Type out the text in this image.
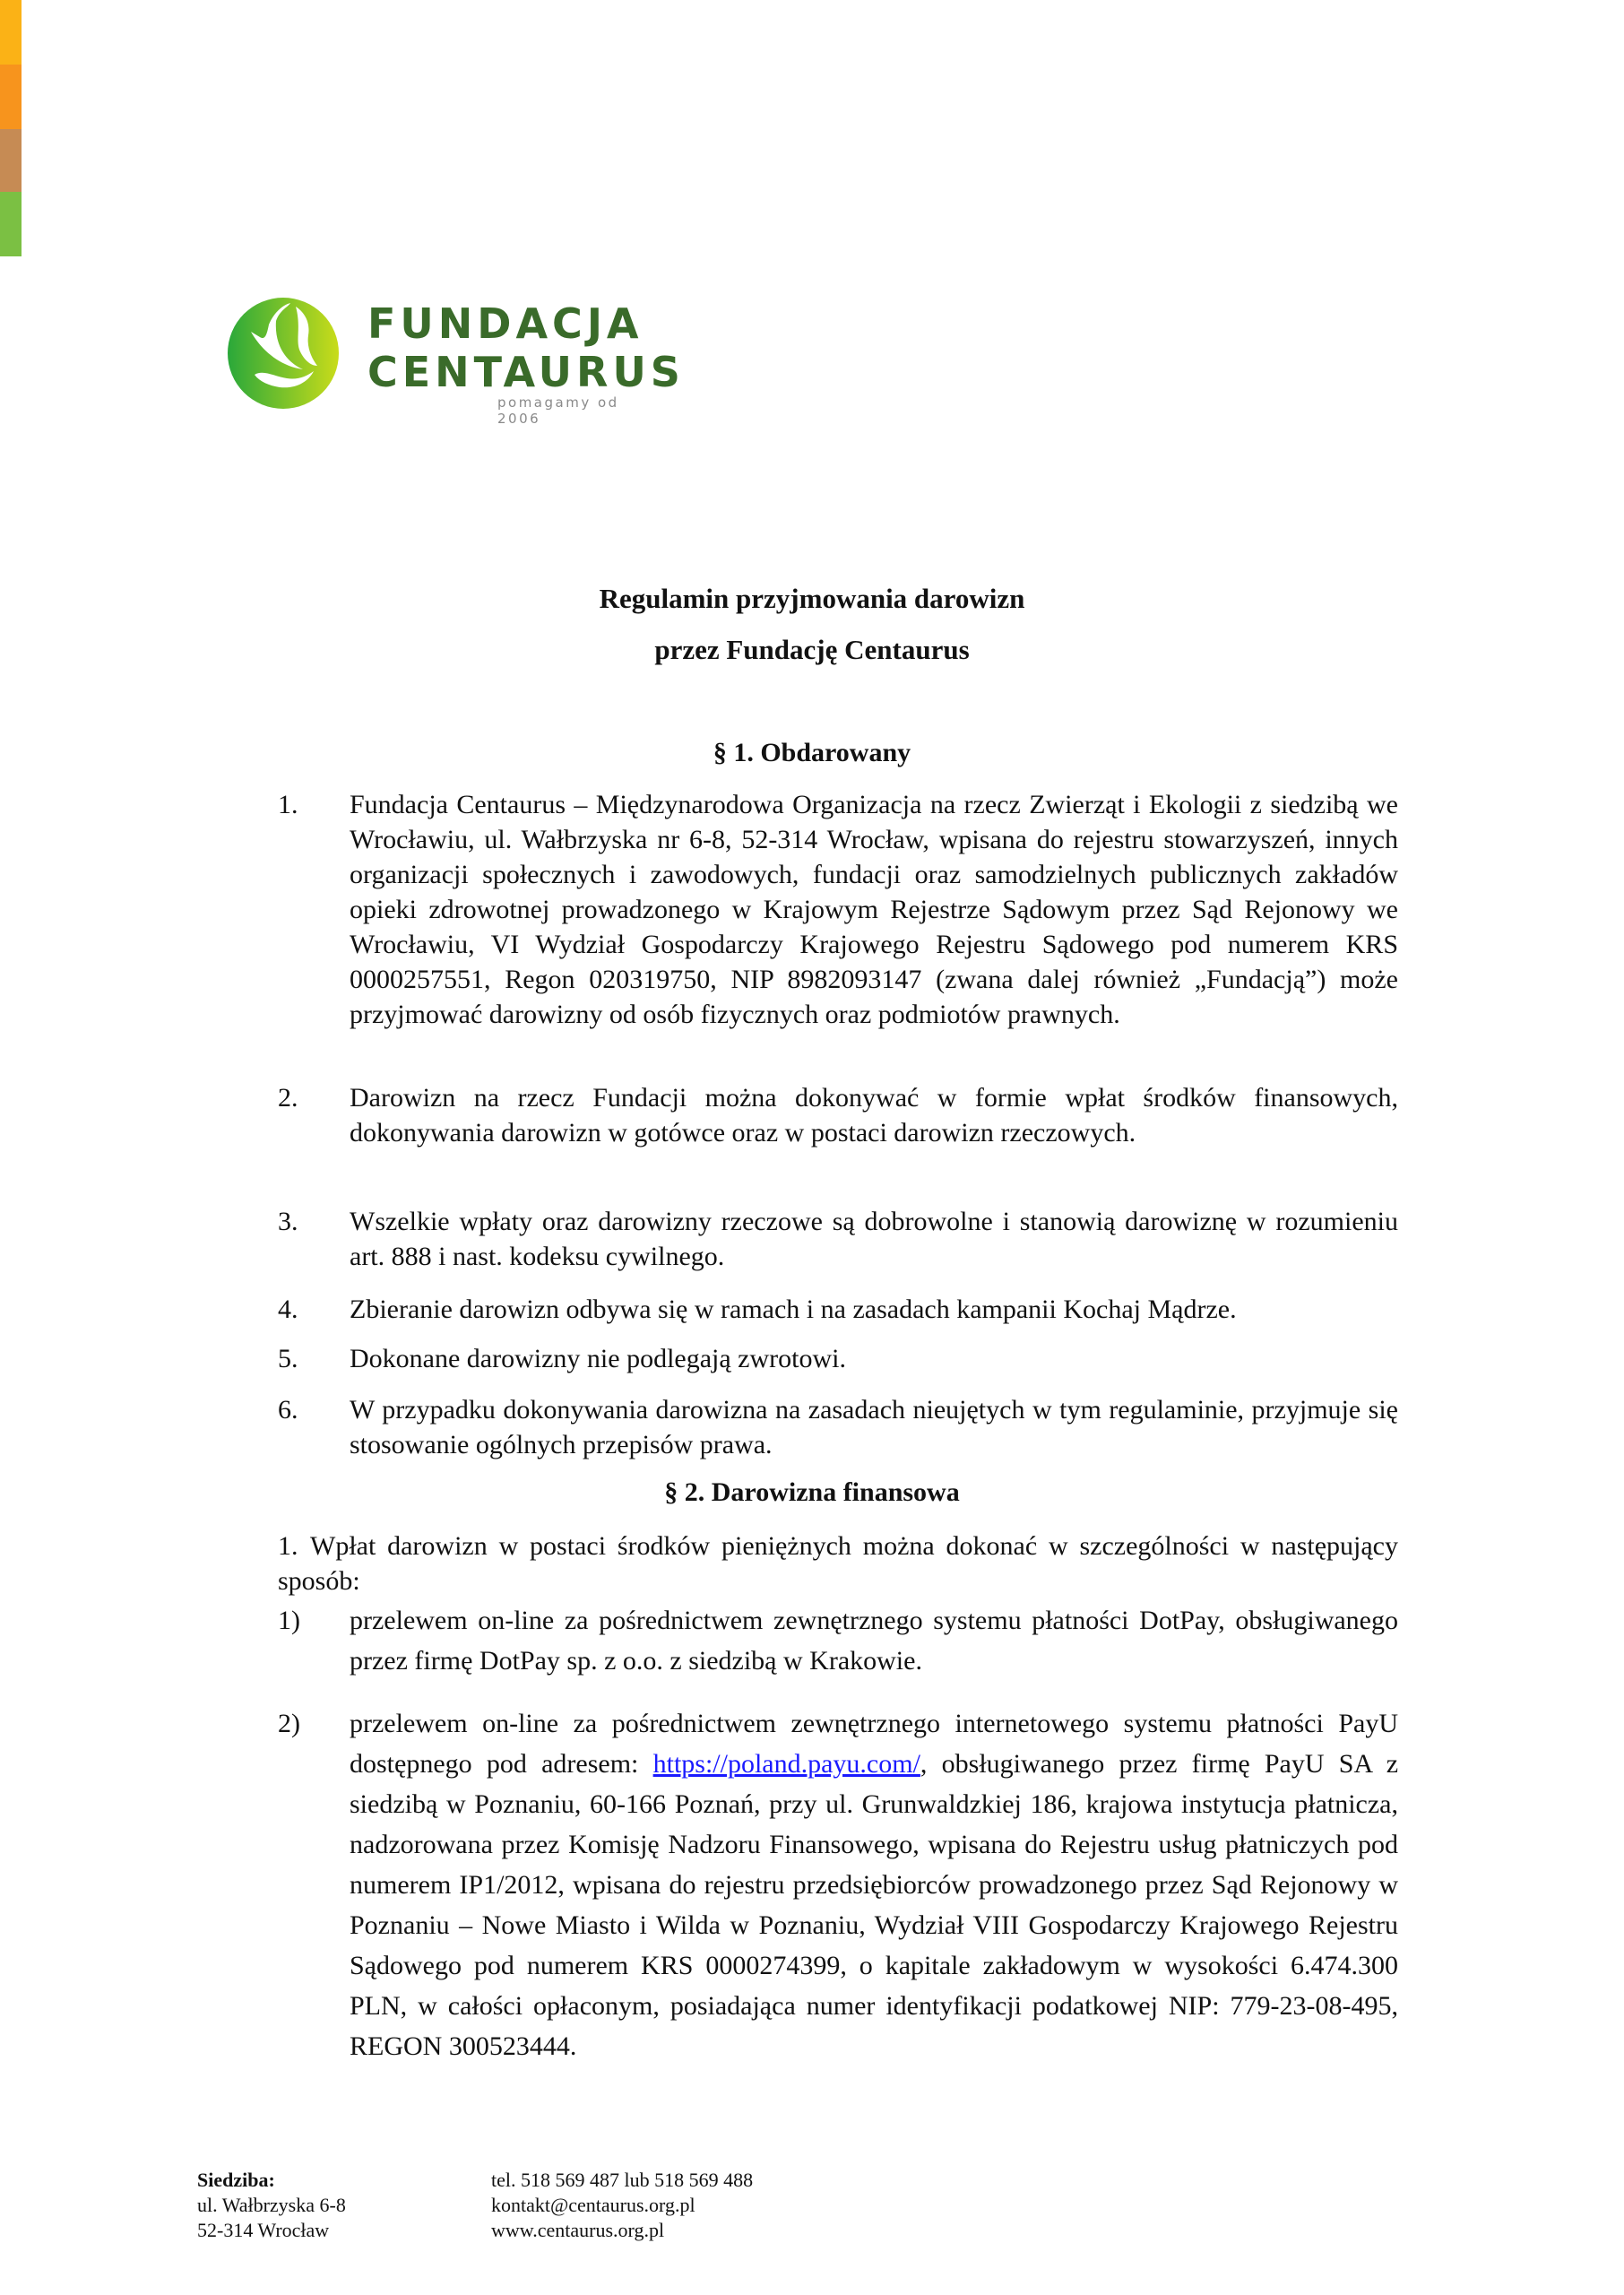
FUNDACJA
CENTAURUS
pomagamy od 2006
Regulamin przyjmowania darowizn
przez Fundację Centaurus
§ 1. Obdarowany
1. Fundacja Centaurus – Międzynarodowa Organizacja na rzecz Zwierząt i Ekologii z siedzibą we Wrocławiu, ul. Wałbrzyska nr 6-8, 52-314 Wrocław, wpisana do rejestru stowarzyszeń, innych organizacji społecznych i zawodowych, fundacji oraz samodzielnych publicznych zakładów opieki zdrowotnej prowadzonego w Krajowym Rejestrze Sądowym przez Sąd Rejonowy we Wrocławiu, VI Wydział Gospodarczy Krajowego Rejestru Sądowego pod numerem KRS 0000257551, Regon 020319750, NIP 8982093147 (zwana dalej również „Fundacją”) może przyjmować darowizny od osób fizycznych oraz podmiotów prawnych.
2. Darowizn na rzecz Fundacji można dokonywać w formie wpłat środków finansowych, dokonywania darowizn w gotówce oraz w postaci darowizn rzeczowych.
3. Wszelkie wpłaty oraz darowizny rzeczowe są dobrowolne i stanowią darowiznę w rozumieniu art. 888 i nast. kodeksu cywilnego.
4. Zbieranie darowizn odbywa się w ramach i na zasadach kampanii Kochaj Mądrze.
5. Dokonane darowizny nie podlegają zwrotowi.
6. W przypadku dokonywania darowizna na zasadach nieujętych w tym regulaminie, przyjmuje się stosowanie ogólnych przepisów prawa.
§ 2. Darowizna finansowa
1. Wpłat darowizn w postaci środków pieniężnych można dokonać w szczególności w następujący sposób:
1) przelewem on-line za pośrednictwem zewnętrznego systemu płatności DotPay, obsługiwanego przez firmę DotPay sp. z o.o. z siedzibą w Krakowie.
2) przelewem on-line za pośrednictwem zewnętrznego internetowego systemu płatności PayU dostępnego pod adresem: https://poland.payu.com/, obsługiwanego przez firmę PayU SA z siedzibą w Poznaniu, 60-166 Poznań, przy ul. Grunwaldzkiej 186, krajowa instytucja płatnicza, nadzorowana przez Komisję Nadzoru Finansowego, wpisana do Rejestru usług płatniczych pod numerem IP1/2012, wpisana do rejestru przedsiębiorców prowadzonego przez Sąd Rejonowy w Poznaniu – Nowe Miasto i Wilda w Poznaniu, Wydział VIII Gospodarczy Krajowego Rejestru Sądowego pod numerem KRS 0000274399, o kapitale zakładowym w wysokości 6.474.300 PLN, w całości opłaconym, posiadająca numer identyfikacji podatkowej NIP: 779-23-08-495, REGON 300523444.
Siedziba:
ul. Wałbrzyska 6-8
52-314 Wrocław
tel. 518 569 487 lub 518 569 488
kontakt@centaurus.org.pl
www.centaurus.org.pl
